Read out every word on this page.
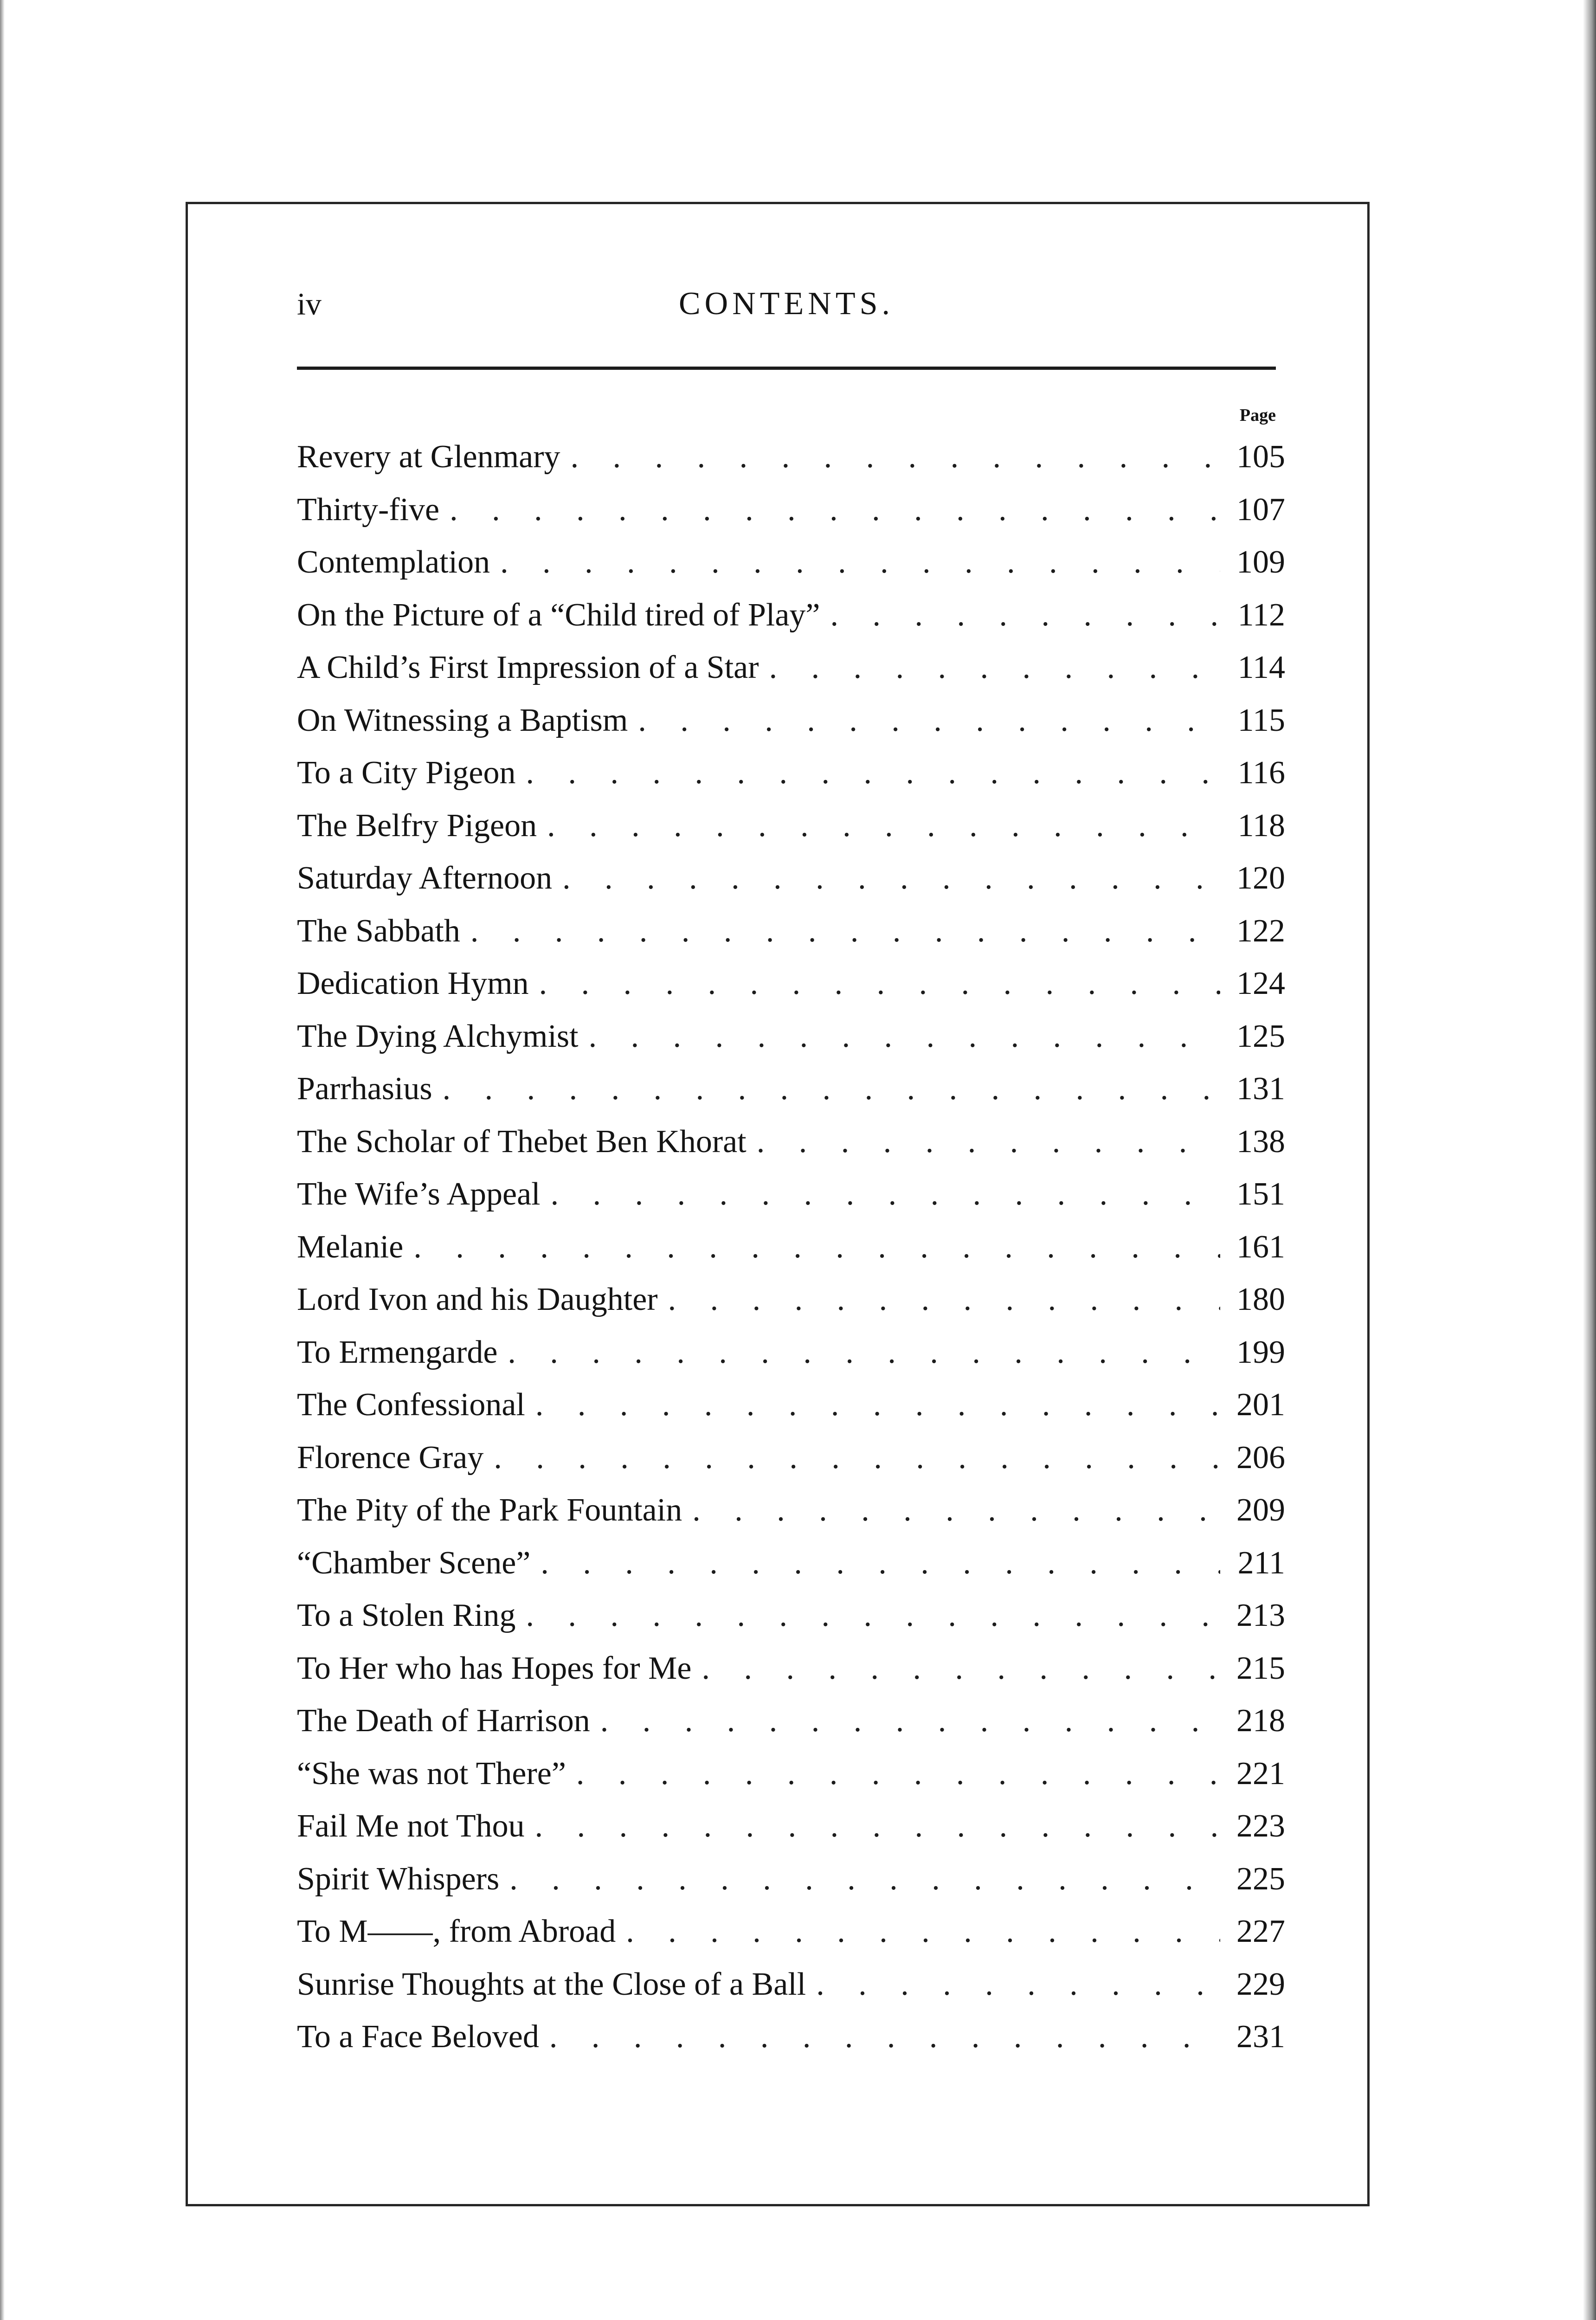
iv	CONTENTS.
Page
Revery at Glenmary . . .	105
Thirty-five . . .	107
Contemplation . . .	109
On the Picture of a “Child tired of Play” . . .	112
A Child’s First Impression of a Star . . .	114
On Witnessing a Baptism . . .	115
To a City Pigeon . . .	116
The Belfry Pigeon . . .	118
Saturday Afternoon . . .	120
The Sabbath . . .	122
Dedication Hymn . . .	124
The Dying Alchymist . . .	125
Parrhasius . . .	131
The Scholar of Thebet Ben Khorat . . .	138
The Wife’s Appeal . . .	151
Melanie . . .	161
Lord Ivon and his Daughter . . .	180
To Ermengarde . . .	199
The Confessional . . .	201
Florence Gray . . .	206
The Pity of the Park Fountain . . .	209
“Chamber Scene” . . .	211
To a Stolen Ring . . .	213
To Her who has Hopes for Me . . .	215
The Death of Harrison . . .	218
“She was not There” . . .	221
Fail Me not Thou . . .	223
Spirit Whispers . . .	225
To M——, from Abroad . . .	227
Sunrise Thoughts at the Close of a Ball . . .	229
To a Face Beloved . . .	231
